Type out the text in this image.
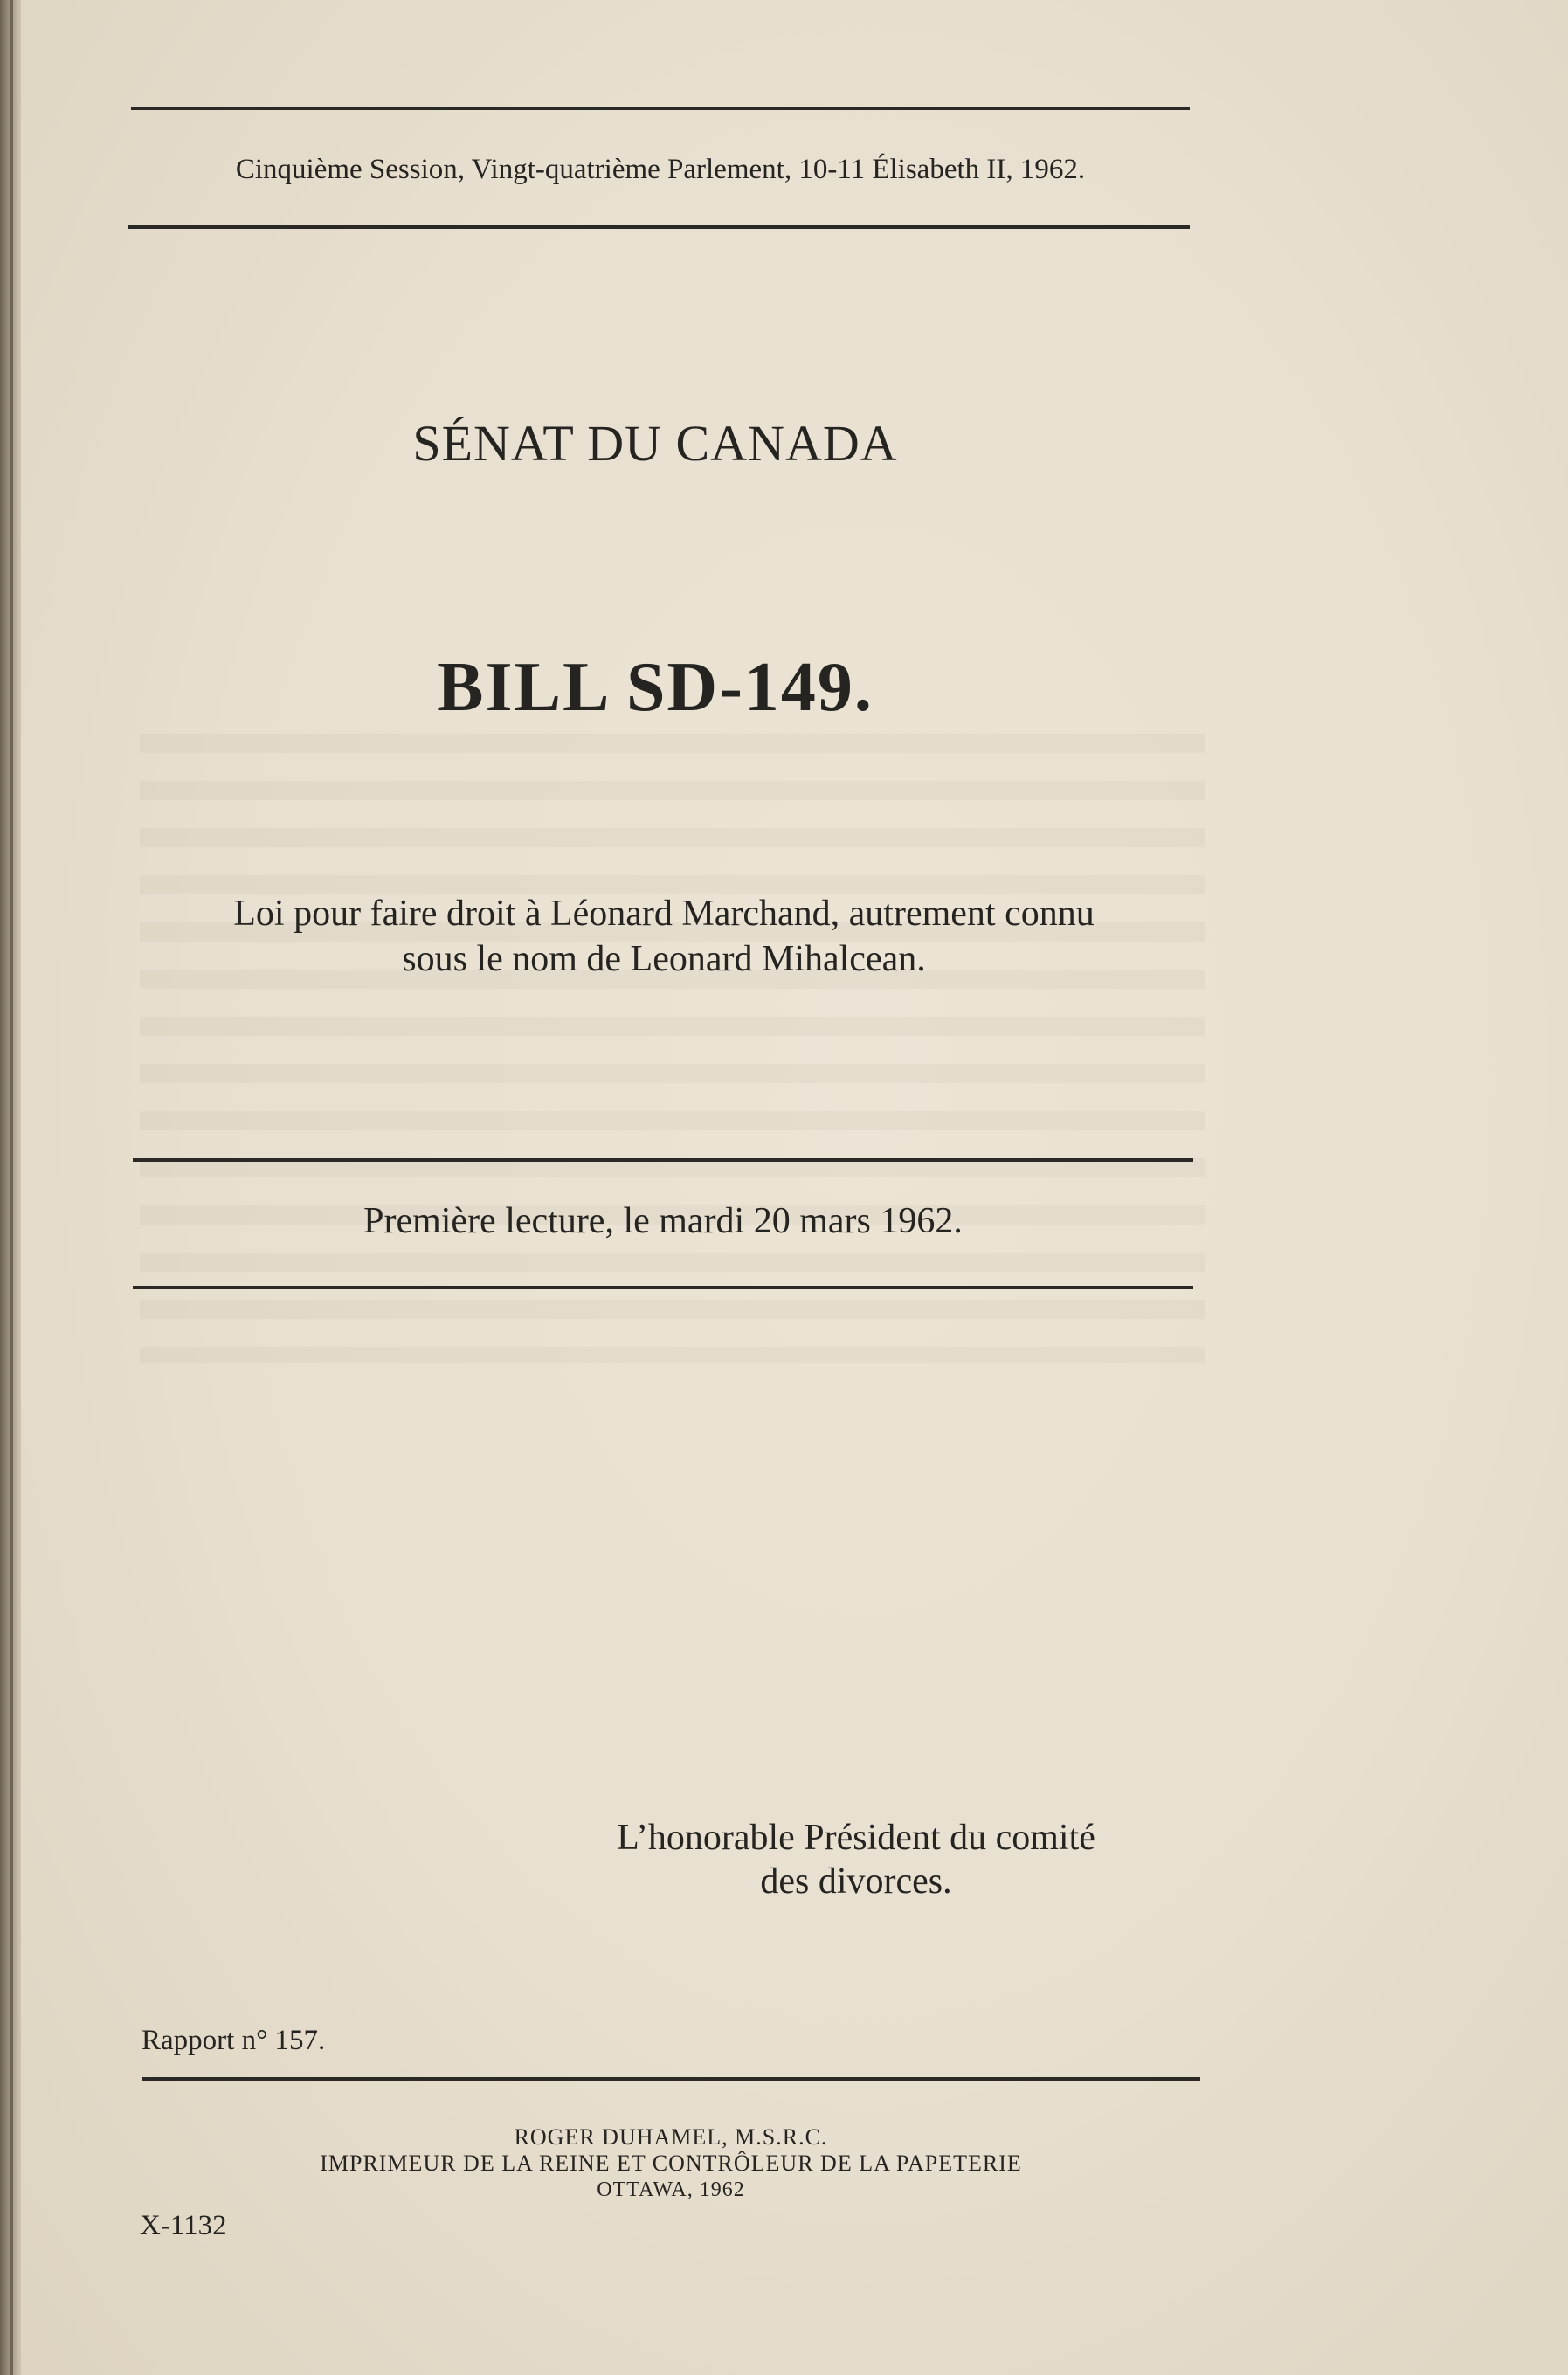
Cinquième Session, Vingt-quatrième Parlement, 10-11 Élisabeth II, 1962.
SÉNAT DU CANADA
BILL SD-149.
Loi pour faire droit à Léonard Marchand, autrement connu
sous le nom de Leonard Mihalcean.
Première lecture, le mardi 20 mars 1962.
L’honorable Président du comité
des divorces.
Rapport n° 157.
ROGER DUHAMEL, M.S.R.C.
IMPRIMEUR DE LA REINE ET CONTRÔLEUR DE LA PAPETERIE
OTTAWA, 1962
X-1132
